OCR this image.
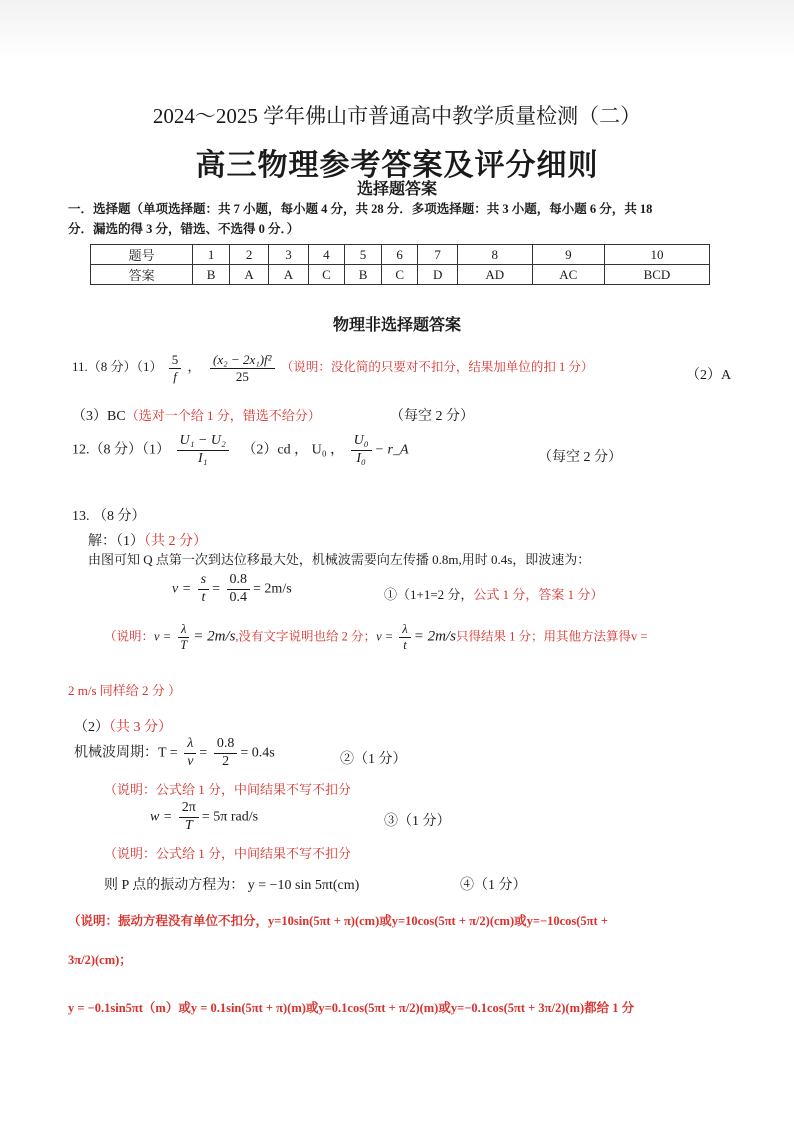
2024～2025 学年佛山市普通高中教学质量检测（二）
高三物理参考答案及评分细则
选择题答案
一．选择题（单项选择题：共 7 小题，每小题 4 分，共 28 分．多项选择题：共 3 小题，每小题 6 分，共 18
分．漏选的得 3 分，错选、不选得 0 分．）
题号	1	2	3	4	5	6	7	8	9	10
答案	B	A	A	C	B	C	D	AD	AC	BCD
物理非选择题答案
11.（8 分）$(1) \frac{5}{f}$ ， $\frac{\text{(x₂ − 2x₁)f²}}{25}$ （说明：没化简的只要对不扣分，结果加单位的扣 1 分）
（2）A
（3）BC（选对一个给 1 分，错选不给分）	（每空 2 分）
12.（8 分）$(1) \frac{\text{U₁ − U₂}}{\text{I₁}} (2)cd$ ， U₀ ， $\frac{\text{U₀}}{\text{I₀}}$ − r_A	（每空 2 分）
13. （8 分）
解：（1）（共 2 分）
由图可知 Q 点第一次到达位移最大处，机械波需要向左传播 0.8m,用时 0.4s，即波速为：
$v = \frac{s}{t} = \frac{0.8}{0.4} = 2m/s$	①（1+1=2 分，公式 1 分，答案 1 分）
（说明：$v = \frac{\lambda}{T} = 2m/s$,没有文字说明也给 2 分；$v = \frac{\lambda}{t} = 2m/s$只得结果 1 分；用其他方法算得v =
2 m/s 同样给 2 分 ）
（2）（共 3 分）
机械波周期：$T = \frac{\lambda}{v} = \frac{0.8}{2} = 0.4s$	②（1 分）
（说明：公式给 1 分，中间结果不写不扣分
$w = \frac{2\pi}{T} = 5\pi$ rad/s	③（1 分）
（说明：公式给 1 分，中间结果不写不扣分
则 P 点的振动方程为： y = −10 sin 5πt(cm)	④（1 分）
（说明：振动方程没有单位不扣分，y=10sin(5πt + π)(cm)或y=10cos(5πt + π/2)(cm)或y=−10cos(5πt +
3π/2)(cm)；
y = −0.1sin5πt（m）或y = 0.1sin(5πt + π)(m)或y=0.1cos(5πt + π/2)(m)或y=−0.1cos(5πt + 3π/2)(m)都给 1 分
